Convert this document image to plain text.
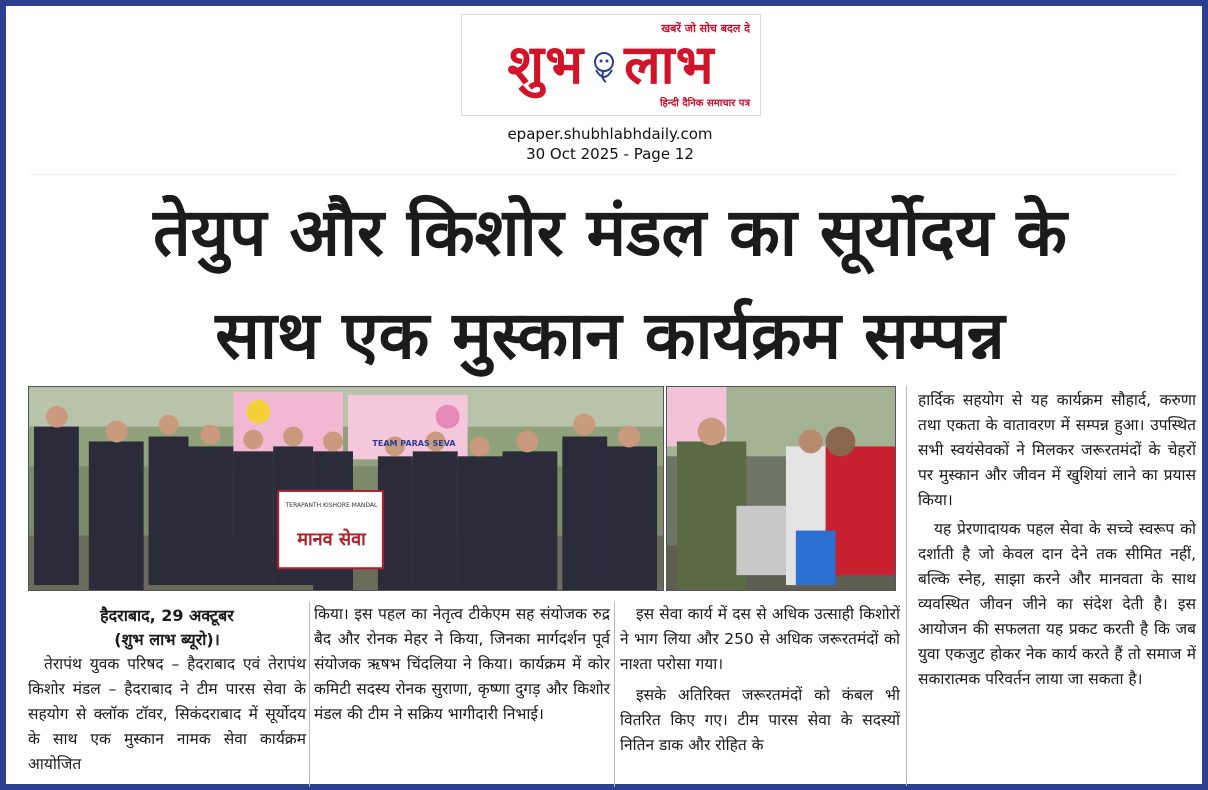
खबरें जो सोच बदल दे
शुभ लाभ
हिन्दी दैनिक समाचार पत्र
epaper.shubhlabhdaily.com
30 Oct 2025 - Page 12
तेयुप और किशोर मंडल का सूर्योदय के
साथ एक मुस्कान कार्यक्रम सम्पन्न
TERAPANTH KISHORE MANDAL
मानव सेवा
TEAM PARAS SEVA
हैदराबाद, 29 अक्टूबर
(शुभ लाभ ब्यूरो)।

तेरापंथ युवक परिषद – हैदराबाद एवं तेरापंथ किशोर मंडल – हैदराबाद ने टीम पारस सेवा के सहयोग से क्लॉक टॉवर, सिकंदराबाद में सूर्योदय के साथ एक मुस्कान नामक सेवा कार्यक्रम आयोजित

किया। इस पहल का नेतृत्व टीकेएम सह संयोजक रुद्र बैद और रोनक मेहर ने किया, जिनका मार्गदर्शन पूर्व संयोजक ऋषभ चिंदलिया ने किया। कार्यक्रम में कोर कमिटी सदस्य रोनक सुराणा, कृष्णा दुगड़ और किशोर मंडल की टीम ने सक्रिय भागीदारी निभाई।

इस सेवा कार्य में दस से अधिक उत्साही किशोरों ने भाग लिया और 250 से अधिक जरूरतमंदों को नाश्ता परोसा गया।

इसके अतिरिक्त जरूरतमंदों को कंबल भी वितरित किए गए। टीम पारस सेवा के सदस्यों नितिन डाक और रोहित के

हार्दिक सहयोग से यह कार्यक्रम सौहार्द, करुणा तथा एकता के वातावरण में सम्पन्न हुआ। उपस्थित सभी स्वयंसेवकों ने मिलकर जरूरतमंदों के चेहरों पर मुस्कान और जीवन में खुशियां लाने का प्रयास किया।

यह प्रेरणादायक पहल सेवा के सच्चे स्वरूप को दर्शाती है जो केवल दान देने तक सीमित नहीं, बल्कि स्नेह, साझा करने और मानवता के साथ व्यवस्थित जीवन जीने का संदेश देती है। इस आयोजन की सफलता यह प्रकट करती है कि जब युवा एकजुट होकर नेक कार्य करते हैं तो समाज में सकारात्मक परिवर्तन लाया जा सकता है।
